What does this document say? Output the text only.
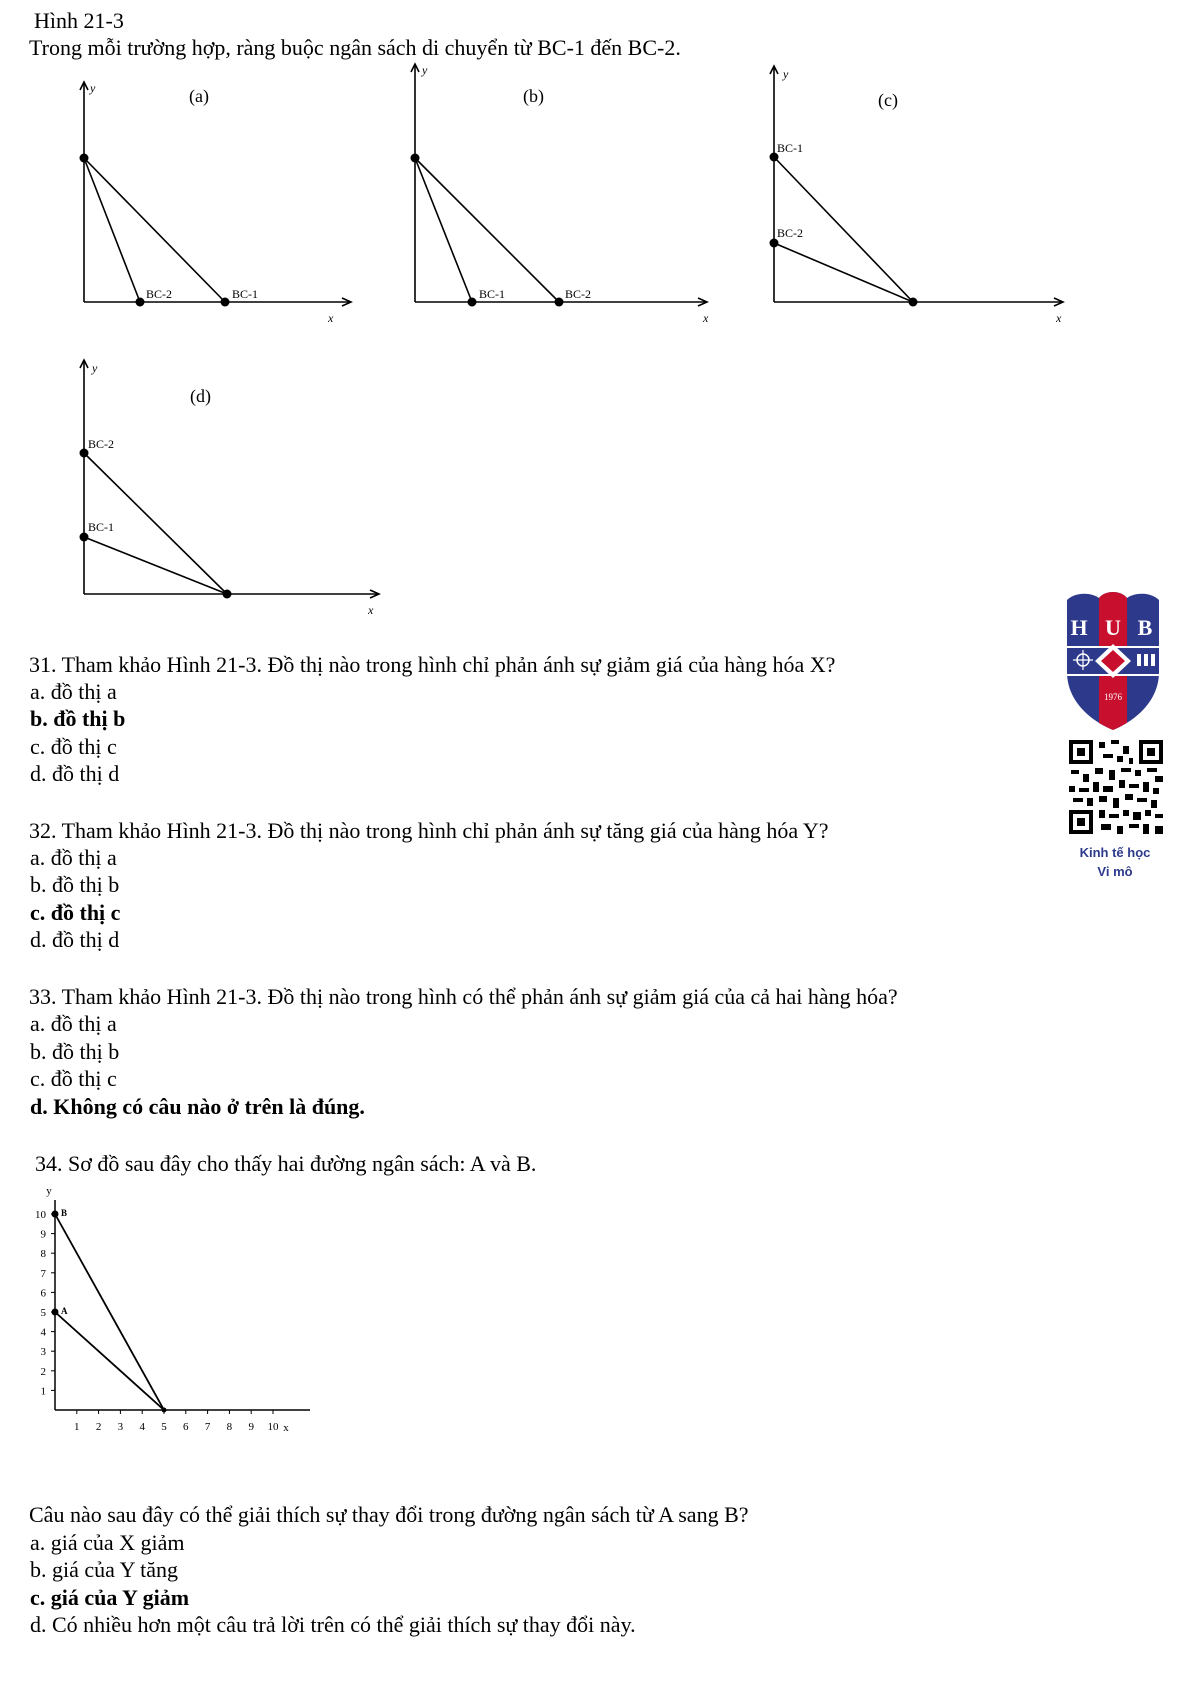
Hình 21-3
Trong mỗi trường hợp, ràng buộc ngân sách di chuyển từ BC-1 đến BC-2.
y
x
(a)
BC-2	BC-1
y
x
(b)
BC-1	BC-2
y
x
(c)
BC-1
BC-2
y
x
(d)
BC-2
BC-1
H U B
1976
Kinh tế học
Vi mô
31. Tham khảo Hình 21-3. Đồ thị nào trong hình chỉ phản ánh sự giảm giá của hàng hóa X?
a. đồ thị a
b. đồ thị b
c. đồ thị c
d. đồ thị d
32. Tham khảo Hình 21-3. Đồ thị nào trong hình chỉ phản ánh sự tăng giá của hàng hóa Y?
a. đồ thị a
b. đồ thị b
c. đồ thị c
d. đồ thị d
33. Tham khảo Hình 21-3. Đồ thị nào trong hình có thể phản ánh sự giảm giá của cả hai hàng hóa?
a. đồ thị a
b. đồ thị b
c. đồ thị c
d. Không có câu nào ở trên là đúng.
34. Sơ đồ sau đây cho thấy hai đường ngân sách: A và B.
1
2
3
4
5
6
7
8
9
10
1 2 3 4 5 6 7 8 9 10
y
x
A
B
Câu nào sau đây có thể giải thích sự thay đổi trong đường ngân sách từ A sang B?
a. giá của X giảm
b. giá của Y tăng
c. giá của Y giảm
d. Có nhiều hơn một câu trả lời trên có thể giải thích sự thay đổi này.
